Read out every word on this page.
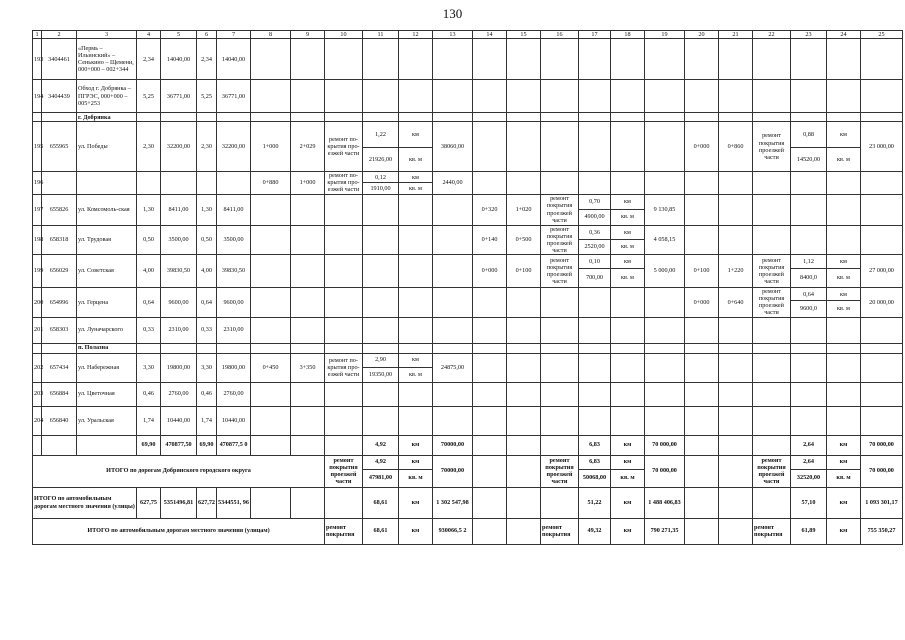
130
1	2	3	4	5	6	7	8	9	10	11	12	13	14	15	16	17	18	19	20	21	22	23	24	25
193	3404461	«Пермь – Ильинский» – Сенькино – Щемени, 000+000 – 002+344	2,34	14040,00	2,34	14040,00																		
194	3404439	Обход г. Добрянка – ПГРЭС, 000+000 – 005+253	5,25	36771,00	5,25	36771,00																		
		г. Добрянка																						
195	655965	ул. Победы	2,30	32200,00	2,30	32200,00	1+000	2+029	ремонт по-крытия про-езжей части	1,22	км	38060,00							0+000	0+860	ремонт покрытия проезжей части	0,88	км	23 000,00
										21926,00	кв. м											14520,00	кв. м	
196							0+880	1+000	ремонт по-крытия про-езжей части	0,12	км	2440,00												
										1910,00	кв. м													
197	655826	ул. Комсомоль-ская	1,30	8411,00	1,30	8411,00							0+320	1+020	ремонт покрытия проезжей части	0,70	км	9 130,85						
																4900,00	кв. м							
198	658318	ул. Трудовая	0,50	3500,00	0,50	3500,00							0+140	0+500	ремонт покрытия проезжей части	0,36	км	4 058,15						
																2520,00	кв. м							
199	656029	ул. Советская	4,00	39830,50	4,00	39830,50							0+000	0+100	ремонт покрытия проезжей части	0,10	км	5 000,00	0+100	1+220	ремонт покрытия проезжей части	1,12	км	27 000,00
																700,00	кв. м					8400,0	кв. м	
200	654996	ул. Герцена	0,64	9600,00	0,64	9600,00													0+000	0+640	ремонт покрытия проезжей части	0,64	км	20 000,00
																						9600,0	кв. м	
201	658303	ул. Луначарского	0,33	2310,00	0,33	2310,00																		
		п. Полазна																						
202	657434	ул. Набережная	3,30	19800,00	3,30	19800,00	0+450	3+350	ремонт по-крытия про-езжей части	2,90	км	24875,00												
										19350,00	кв. м													
203	656884	ул. Цветочная	0,46	2760,00	0,46	2760,00																		
204	656840	ул. Уральская	1,74	10440,00	1,74	10440,00																		
			69,90	470877,50	69,90	470877,5 0				4,92	км	70000,00				6,83	км	70 000,00				2,64	км	70 000,00
ИТОГО по дорогам Добрянского городского округа									ремонт покрытия проезжей части	4,92	км	70000,00			ремонт покрытия проезжей части	6,83	км	70 000,00			ремонт покрытия проезжей части	2,64	км	70 000,00
										47981,00	кв. м					50068,00	кв. м					32520,00	кв. м	
ИТОГО по автомобильным дорогам местного значения (улицы)			627,75	5351496,81	627,72	5344551, 96				68,61	км	1 302 547,98				51,22	км	1 488 406,83				57,10	км	1 093 301,17
ИТОГО по автомобильным дорогам местного значения (улицам)									ремонт покрытия	68,61	км	930066,5 2			ремонт покрытия	49,32	км	790 271,35			ремонт покрытия	61,89	км	755 350,27
